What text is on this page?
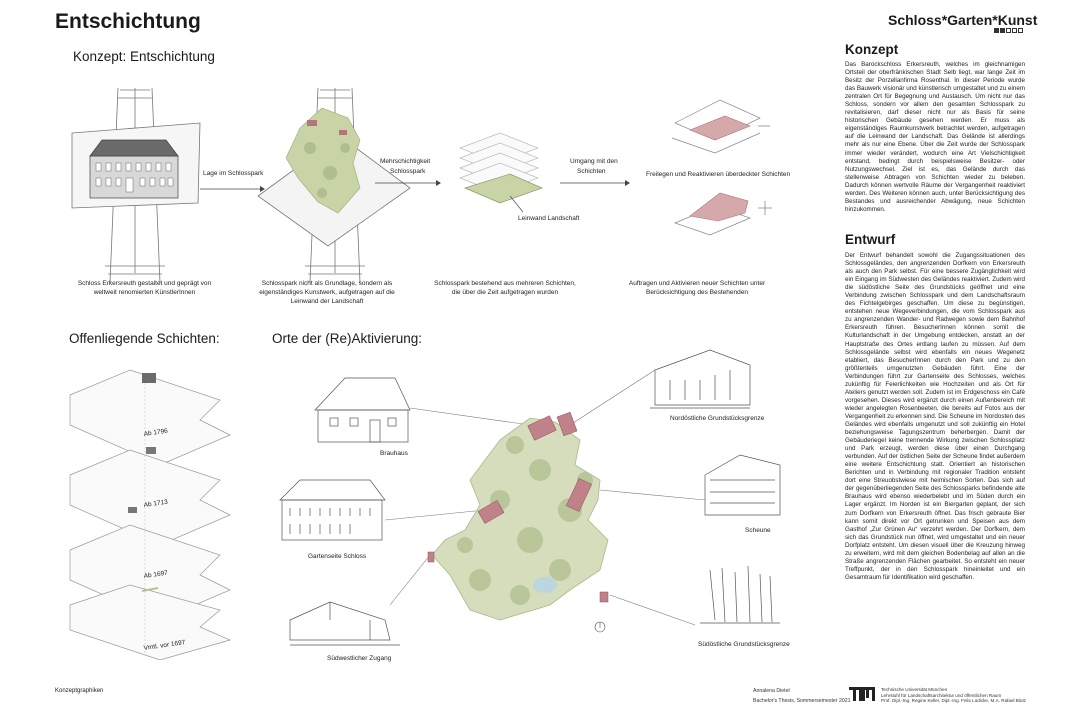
Entschichtung	Schloss*Garten*Kunst
Konzept: Entschichtung
Lage im Schlosspark
Mehrschichtigkeit
Schlosspark
Leinwand Landschaft
Umgang mit den
Schichten	Freilegen und Reaktivieren überdeckter Schichten
Schloss Erkersreuth gestaltet und geprägt von
weltweit renomierten KünstlerInnen
Schlosspark nicht als Grundlage, sondern als
eigenständiges Kunstwerk, aufgetragen auf die
Leinwand der Landschaft
Schlosspark bestehend aus mehreren Schichten,
die über die Zeit aufgetragen wurden
Auftragen und Aktivieren neuer Schichten unter
Berücksichtigung des Bestehenden
Offenliegende Schichten:
Ab 1796
Ab 1713
Ab 1697
Vmtl. vor 1697
Orte der (Re)Aktivierung:
Brauhaus
Gartenseite Schloss
Südwestlicher Zugang
Nordöstliche Grundstücksgrenze
Scheune
Südöstliche Grundstücksgrenze
Konzept
Das Barockschloss Erkersreuth, welches im gleichnamigen Ortsteil der oberfränkischen Stadt Selb liegt, war lange Zeit im Besitz der Porzellanfirma Rosenthal. In dieser Periode wurde das Bauwerk visionär und künstlerisch umgestaltet und zu einem zentralen Ort für Begegnung und Austausch. Um nicht nur das Schloss, sondern vor allem den gesamten Schlosspark zu revitalisieren, darf dieser nicht nur als Basis für seine historischen Gebäude gesehen werden. Er muss als eigenständiges Raumkunstwerk betrachtet werden, aufgetragen auf die Leinwand der Landschaft. Das Gelände ist allerdings mehr als nur eine Ebene. Über die Zeit wurde der Schlosspark immer wieder verändert, wodurch eine Art Vielschichtigkeit entstand, bedingt durch beispielsweise Besitzer- oder Nutzungswechsel. Ziel ist es, das Gelände durch das stellenweise Abtragen von Schichten wieder zu beleben. Dadurch können wertvolle Räume der Vergangenheit reaktiviert werden. Des Weiteren können auch, unter Berücksichtigung des Bestandes und ausreichender Abwägung, neue Schichten hinzukommen.
Entwurf
Der Entwurf behandelt sowohl die Zugangssituationen des Schlossgeländes, den angrenzenden Dorfkern von Erkersreuth als auch den Park selbst. Für eine bessere Zugänglichkeit wird ein Eingang im Südwesten des Geländes reaktiviert. Zudem wird die südöstliche Seite des Grundstücks geöffnet und eine Verbindung zwischen Schlosspark und dem Landschaftsraum des Fichtelgebirges geschaffen. Um diese zu begünstigen, entstehen neue Wegeverbindungen, die vom Schlosspark aus zu angrenzenden Wander- und Radwegen sowie dem Bahnhof Erkersreuth führen. BesucherInnen können somit die Kulturlandschaft in der Umgebung entdecken, anstatt an der Hauptstraße des Ortes entlang laufen zu müssen. Auf dem Schlossgelände selbst wird ebenfalls ein neues Wegenetz etabliert, das BesucherInnen durch den Park und zu den größtenteils umgenutzten Gebäuden führt. Eine der Verbindungen führt zur Gartenseite des Schlosses, welches zukünftig für Feierlichkeiten wie Hochzeiten und als Ort für Ateliers genutzt werden soll. Zudem ist im Erdgeschoss ein Café vorgesehen. Dieses wird ergänzt durch einen Außenbereich mit wieder angelegten Rosenbeeten, die bereits auf Fotos aus der Vergangenheit zu erkennen sind. Die Scheune im Nordosten des Geländes wird ebenfalls umgenutzt und soll zukünftig ein Hotel beziehungsweise Tagungszentrum beherbergen. Damit der Gebäuderiegel keine trennende Wirkung zwischen Schlossplatz und Park erzeugt, werden diese über einen Durchgang verbunden. Auf der östlichen Seite der Scheune findet außerdem eine weitere Entschichtung statt. Orientiert an historischen Berichten und in Verbindung mit regionaler Tradition entsteht dort eine Streuobstwiese mit heimischen Sorten. Das sich auf der gegenüberliegenden Seite des Schlossparks befindende alte Brauhaus wird ebenso wiederbelebt und im Süden durch ein Lager ergänzt. Im Norden ist ein Biergarten geplant, der sich zum Dorfkern von Erkersreuth öffnet. Das frisch gebraute Bier kann somit direkt vor Ort getrunken und Speisen aus dem Gasthof „Zur Grünen Au“ verzehrt werden. Der Dorfkern, dem sich das Grundstück nun öffnet, wird umgestaltet und ein neuer Dorfplatz entsteht. Um diesen visuell über die Kreuzung hinweg zu erweitern, wird mit dem gleichen Bodenbelag auf allen an die Straße angrenzenden Flächen gearbeitet. So entsteht ein neuer Treffpunkt, der in den Schlosspark hineinleitet und ein Gesamtraum für Identifikation wird geschaffen.
Konzeptgraphiken	Annalena Dietel
Bachelor's Thesis, Sommersemester 2021
Technische Universität München
Lehrstuhl für Landschaftsarchitektur und öffentlichen Raum
Prof. Dipl.-Ing. Regine Keller, Dipl.-Ing. Felix Lüdicke, M.A. Rafael Blutz
